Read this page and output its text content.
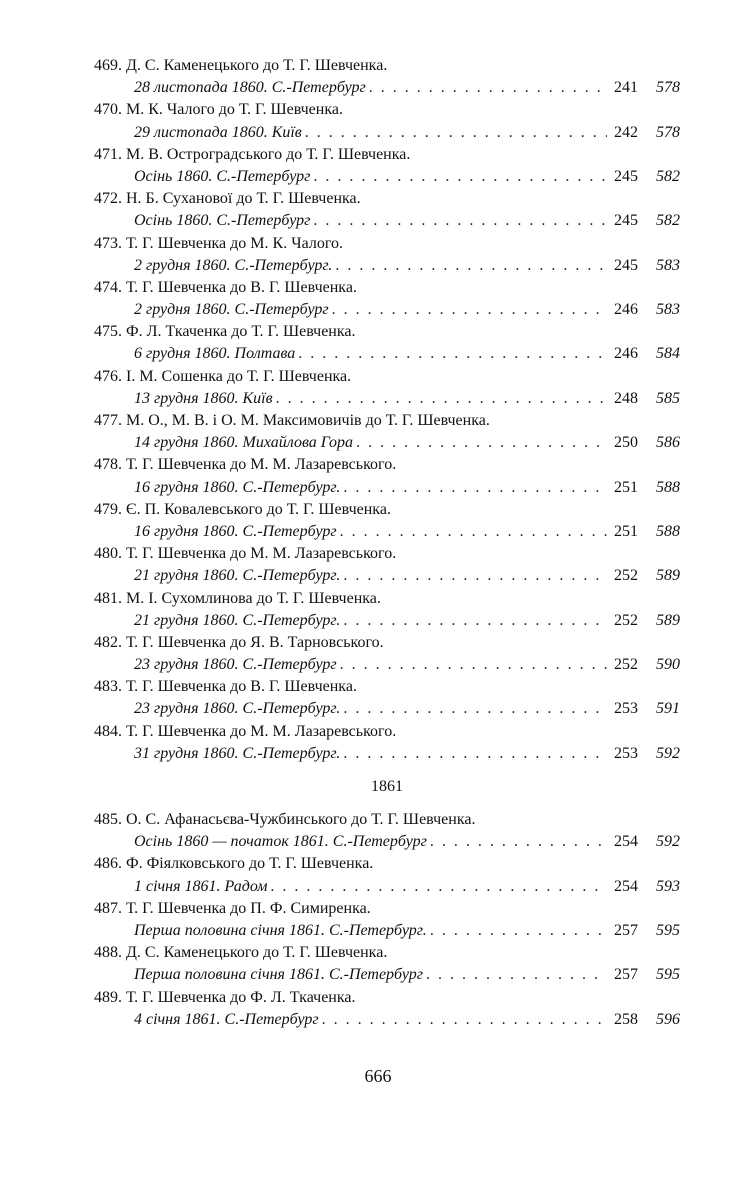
469. Д. С. Каменецького до Т. Г. Шевченка.
28 листопада 1860. С.-Петербург . . .	241	578
470. М. К. Чалого до Т. Г. Шевченка.
29 листопада 1860. Київ . . .	242	578
471. М. В. Остроградського до Т. Г. Шевченка.
Осінь 1860. С.-Петербург . . .	245	582
472. Н. Б. Суханової до Т. Г. Шевченка.
Осінь 1860. С.-Петербург . . .	245	582
473. Т. Г. Шевченка до М. К. Чалого.
2 грудня 1860. С.-Петербург. . . .	245	583
474. Т. Г. Шевченка до В. Г. Шевченка.
2 грудня 1860. С.-Петербург . . .	246	583
475. Ф. Л. Ткаченка до Т. Г. Шевченка.
6 грудня 1860. Полтава . . .	246	584
476. І. М. Сошенка до Т. Г. Шевченка.
13 грудня 1860. Київ . . .	248	585
477. М. О., М. В. і О. М. Максимовичів до Т. Г. Шевченка.
14 грудня 1860. Михайлова Гора . . .	250	586
478. Т. Г. Шевченка до М. М. Лазаревського.
16 грудня 1860. С.-Петербург. . . .	251	588
479. Є. П. Ковалевського до Т. Г. Шевченка.
16 грудня 1860. С.-Петербург . . .	251	588
480. Т. Г. Шевченка до М. М. Лазаревського.
21 грудня 1860. С.-Петербург. . . .	252	589
481. М. І. Сухомлинова до Т. Г. Шевченка.
21 грудня 1860. С.-Петербург. . . .	252	589
482. Т. Г. Шевченка до Я. В. Тарновського.
23 грудня 1860. С.-Петербург . . .	252	590
483. Т. Г. Шевченка до В. Г. Шевченка.
23 грудня 1860. С.-Петербург. . . .	253	591
484. Т. Г. Шевченка до М. М. Лазаревського.
31 грудня 1860. С.-Петербург. . . .	253	592
1861
485. О. С. Афанасьєва-Чужбинського до Т. Г. Шевченка.
Осінь 1860 — початок 1861. С.-Петербург . . .	254	592
486. Ф. Фіялковського до Т. Г. Шевченка.
1 січня 1861. Радом . . .	254	593
487. Т. Г. Шевченка до П. Ф. Симиренка.
Перша половина січня 1861. С.-Петербург. . . .	257	595
488. Д. С. Каменецького до Т. Г. Шевченка.
Перша половина січня 1861. С.-Петербург . . .	257	595
489. Т. Г. Шевченка до Ф. Л. Ткаченка.
4 січня 1861. С.-Петербург . . .	258	596
666
